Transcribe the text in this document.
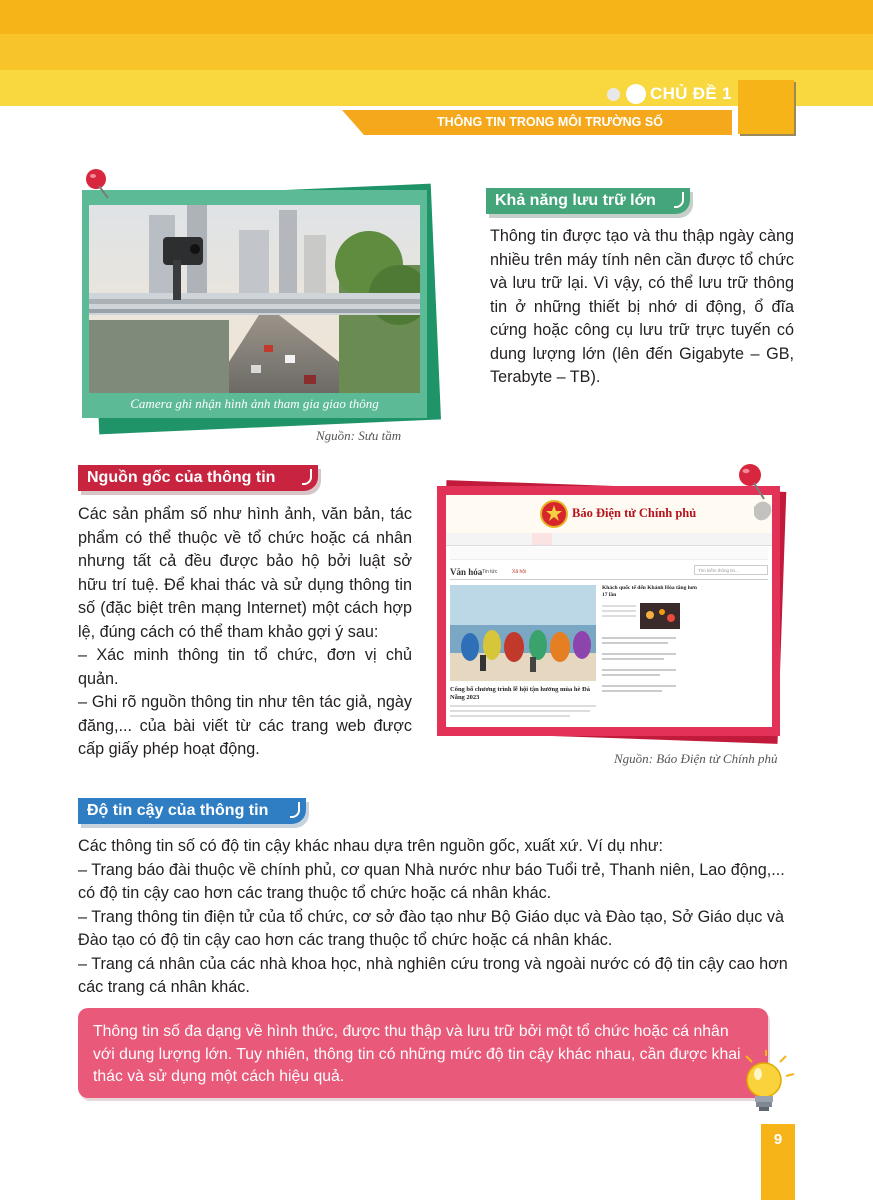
CHỦ ĐỀ 1
THÔNG TIN TRONG MÔI TRƯỜNG SỐ
Camera ghi nhận hình ảnh tham gia giao thông
Nguồn: Sưu tầm
Khả năng lưu trữ lớn
Thông tin được tạo và thu thập ngày càng nhiều trên máy tính nên cần được tổ chức và lưu trữ lại. Vì vậy, có thể lưu trữ thông tin ở những thiết bị nhớ di động, ổ đĩa cứng hoặc công cụ lưu trữ trực tuyến có dung lượng lớn (lên đến Gigabyte – GB, Terabyte – TB).
Nguồn gốc của thông tin

Các sản phẩm số như hình ảnh, văn bản, tác phẩm có thể thuộc về tổ chức hoặc cá nhân nhưng tất cả đều được bảo hộ bởi luật sở hữu trí tuệ. Để khai thác và sử dụng thông tin số (đặc biệt trên mạng Internet) một cách hợp lệ, đúng cách có thể tham khảo gợi ý sau:

– Xác minh thông tin tổ chức, đơn vị chủ quản.

– Ghi rõ nguồn thông tin như tên tác giả, ngày đăng,... của bài viết từ các trang web được cấp giấy phép hoạt động.

Báo Điện tử Chính phủ
Văn hóa Tin tức	Xã hội	Tìm kiếm thông tin...
Công bố chương trình lễ hội tận hưởng mùa hè Đà Nẵng 2023
Khách quốc tế đến Khánh Hòa tăng hơn 17 lần
Nguồn: Báo Điện tử Chính phủ
Độ tin cậy của thông tin

Các thông tin số có độ tin cậy khác nhau dựa trên nguồn gốc, xuất xứ. Ví dụ như:

– Trang báo đài thuộc về chính phủ, cơ quan Nhà nước như báo Tuổi trẻ, Thanh niên, Lao động,... có độ tin cậy cao hơn các trang thuộc tổ chức hoặc cá nhân khác.

– Trang thông tin điện tử của tổ chức, cơ sở đào tạo như Bộ Giáo dục và Đào tạo, Sở Giáo dục và Đào tạo có độ tin cậy cao hơn các trang thuộc tổ chức hoặc cá nhân khác.

– Trang cá nhân của các nhà khoa học, nhà nghiên cứu trong và ngoài nước có độ tin cậy cao hơn các trang cá nhân khác.

Thông tin số đa dạng về hình thức, được thu thập và lưu trữ bởi một tổ chức hoặc cá nhân với dung lượng lớn. Tuy nhiên, thông tin có những mức độ tin cậy khác nhau, cần được khai thác và sử dụng một cách hiệu quả.
9
